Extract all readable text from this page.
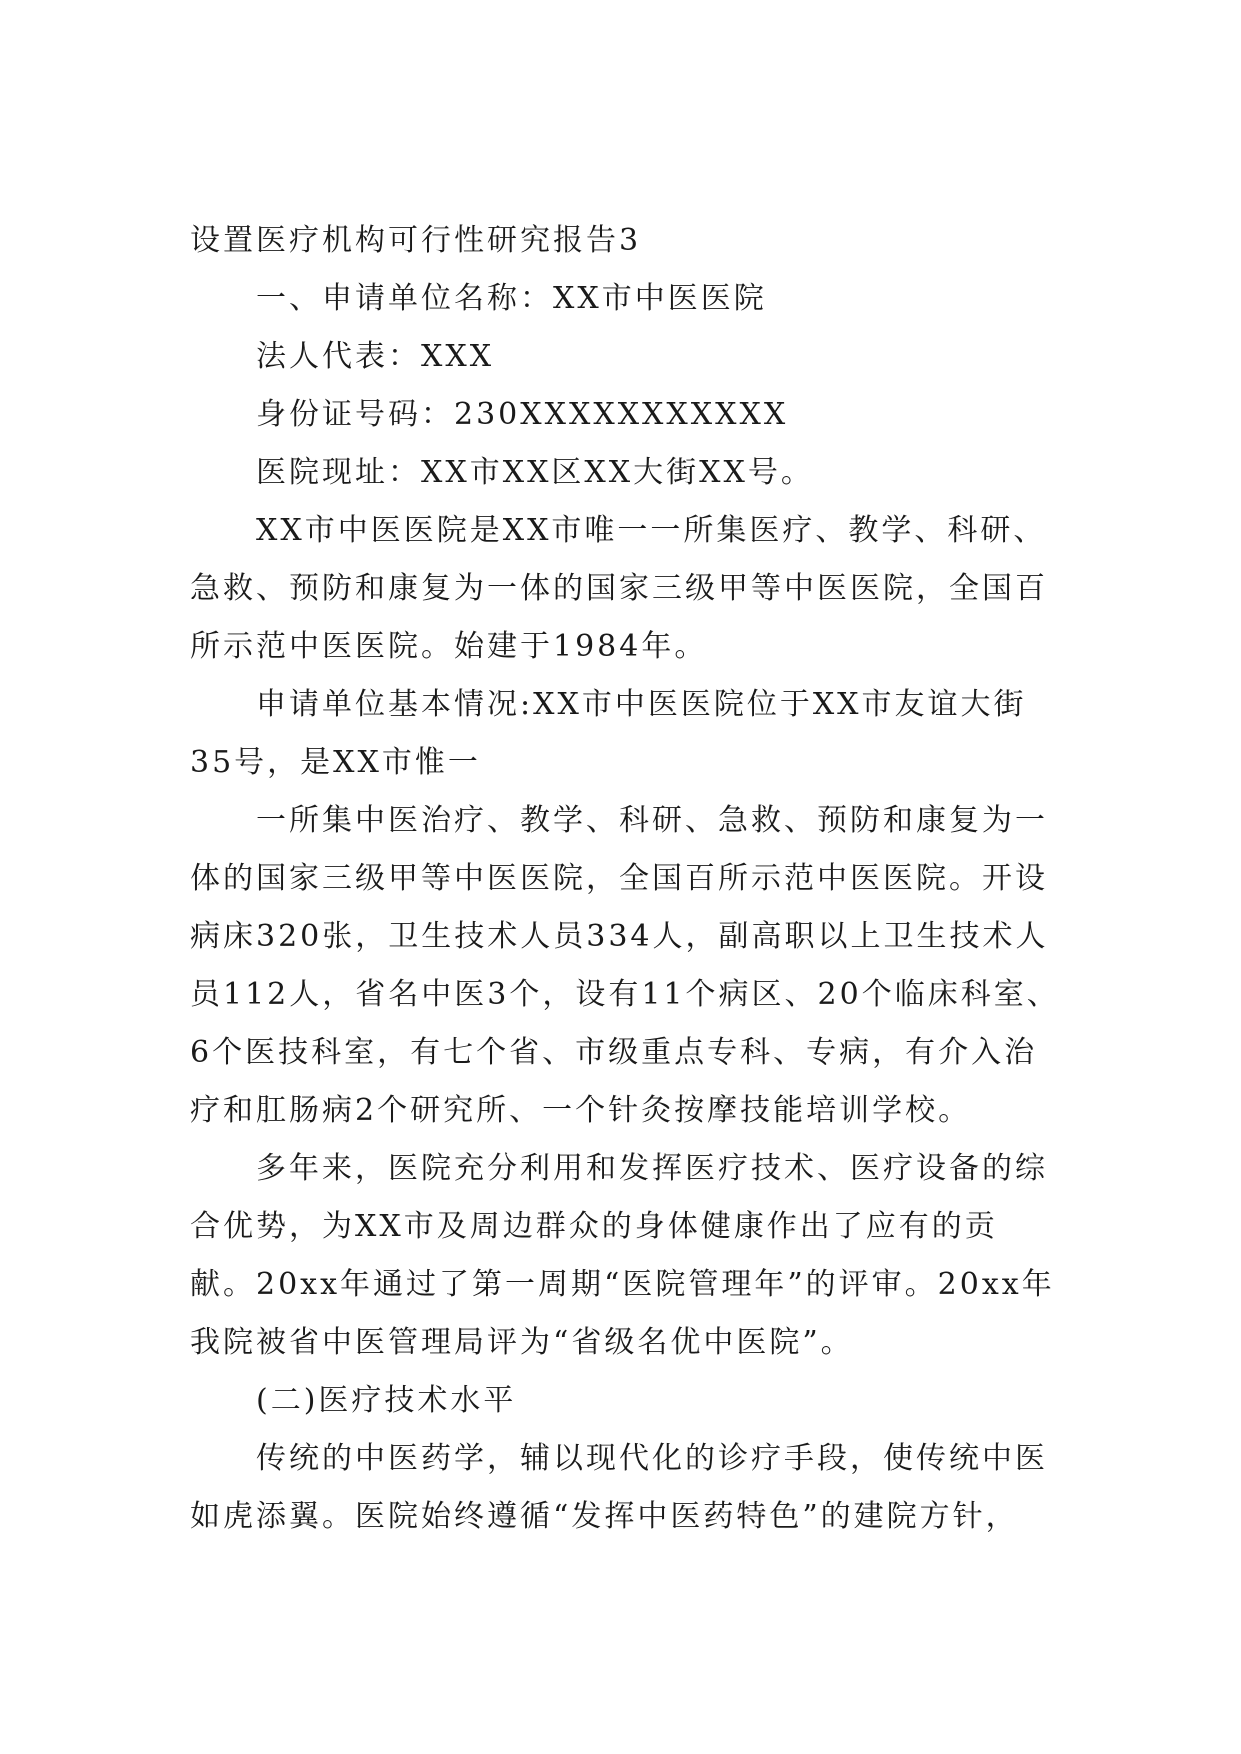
设置医疗机构可行性研究报告3

一、申请单位名称：XX市中医医院

法人代表：XXX

身份证号码：230XXXXXXXXXXX

医院现址：XX市XX区XX大街XX号。

XX市中医医院是XX市唯一一所集医疗、教学、科研、急救、预防和康复为一体的国家三级甲等中医医院，全国百所示范中医医院。始建于1984年。

申请单位基本情况:XX市中医医院位于XX市友谊大街35号，是XX市惟一

一所集中医治疗、教学、科研、急救、预防和康复为一体的国家三级甲等中医医院，全国百所示范中医医院。开设病床320张，卫生技术人员334人，副高职以上卫生技术人员112人，省名中医3个，设有11个病区、20个临床科室、6个医技科室，有七个省、市级重点专科、专病，有介入治疗和肛肠病2个研究所、一个针灸按摩技能培训学校。

多年来，医院充分利用和发挥医疗技术、医疗设备的综合优势，为XX市及周边群众的身体健康作出了应有的贡献。20xx年通过了第一周期“医院管理年”的评审。20xx年我院被省中医管理局评为“省级名优中医院”。

(二)医疗技术水平

传统的中医药学，辅以现代化的诊疗手段，使传统中医如虎添翼。医院始终遵循“发挥中医药特色”的建院方针，
